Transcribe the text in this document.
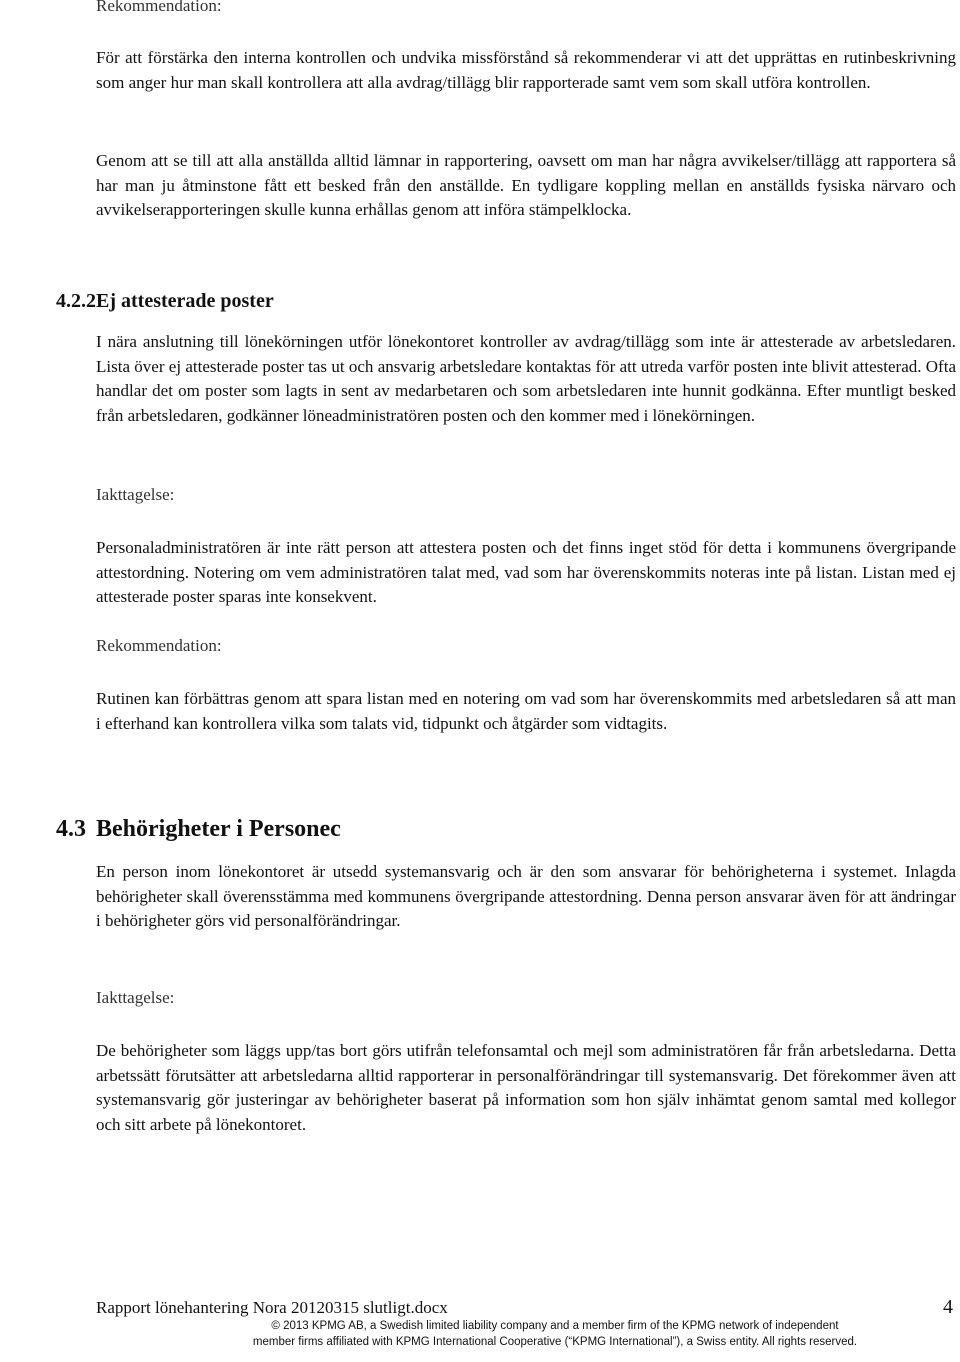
Rekommendation:
För att förstärka den interna kontrollen och undvika missförstånd så rekommenderar vi att det upprättas en rutinbeskrivning som anger hur man skall kontrollera att alla avdrag/tillägg blir rapporterade samt vem som skall utföra kontrollen.
Genom att se till att alla anställda alltid lämnar in rapportering, oavsett om man har några avvikelser/tillägg att rapportera så har man ju åtminstone fått ett besked från den anställde. En tydligare koppling mellan en anställds fysiska närvaro och avvikelserapporteringen skulle kunna erhållas genom att införa stämpelklocka.
4.2.2 Ej attesterade poster
I nära anslutning till lönekörningen utför lönekontoret kontroller av avdrag/tillägg som inte är attesterade av arbetsledaren. Lista över ej attesterade poster tas ut och ansvarig arbetsledare kontaktas för att utreda varför posten inte blivit attesterad. Ofta handlar det om poster som lagts in sent av medarbetaren och som arbetsledaren inte hunnit godkänna. Efter muntligt besked från arbetsledaren, godkänner löneadministratören posten och den kommer med i lönekörningen.
Iakttagelse:
Personaladministratören är inte rätt person att attestera posten och det finns inget stöd för detta i kommunens övergripande attestordning. Notering om vem administratören talat med, vad som har överenskommits noteras inte på listan. Listan med ej attesterade poster sparas inte konsekvent.
Rekommendation:
Rutinen kan förbättras genom att spara listan med en notering om vad som har överenskommits med arbetsledaren så att man i efterhand kan kontrollera vilka som talats vid, tidpunkt och åtgärder som vidtagits.
4.3 Behörigheter i Personec
En person inom lönekontoret är utsedd systemansvarig och är den som ansvarar för behörigheterna i systemet. Inlagda behörigheter skall överensstämma med kommunens övergripande attestordning. Denna person ansvarar även för att ändringar i behörigheter görs vid personalförändringar.
Iakttagelse:
De behörigheter som läggs upp/tas bort görs utifrån telefonsamtal och mejl som administratören får från arbetsledarna. Detta arbetssätt förutsätter att arbetsledarna alltid rapporterar in personalförändringar till systemansvarig. Det förekommer även att systemansvarig gör justeringar av behörigheter baserat på information som hon själv inhämtat genom samtal med kollegor och sitt arbete på lönekontoret.
Rapport lönehantering Nora 20120315 slutligt.docx	4
© 2013 KPMG AB, a Swedish limited liability company and a member firm of the KPMG network of independent member firms affiliated with KPMG International Cooperative (“KPMG International”), a Swiss entity. All rights reserved.
